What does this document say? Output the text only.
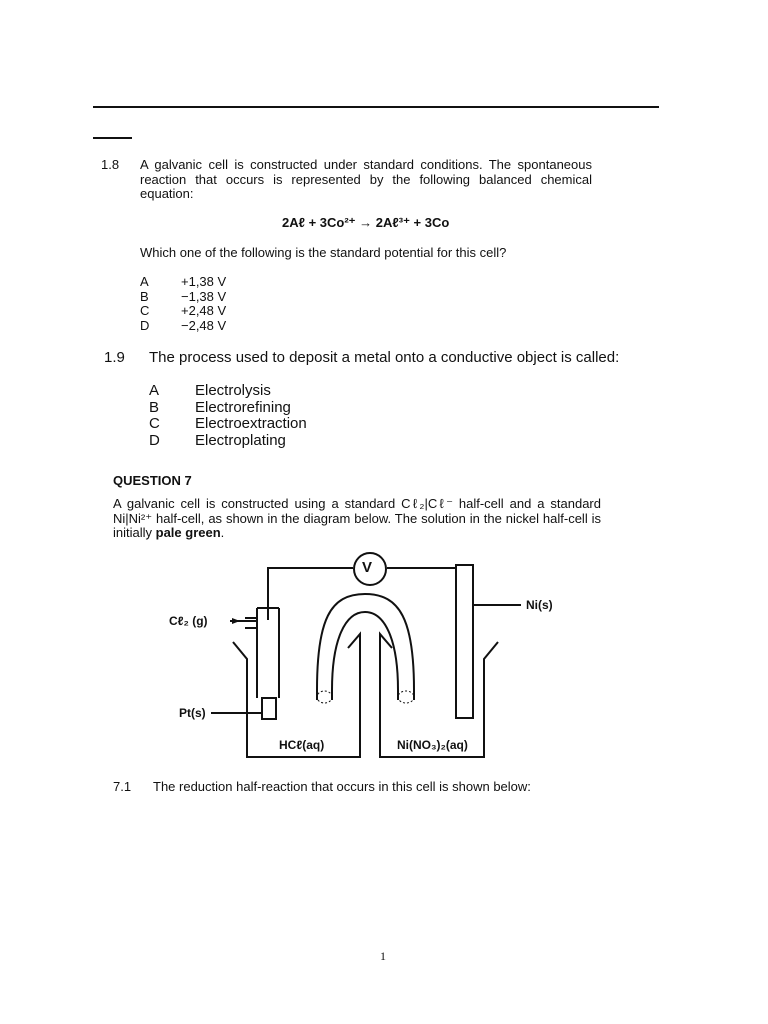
1.8 A galvanic cell is constructed under standard conditions. The spontaneous reaction that occurs is represented by the following balanced chemical equation:
2Aℓ + 3Co²⁺ → 2Aℓ³⁺ + 3Co
Which one of the following is the standard potential for this cell?
A +1,38 V
B −1,38 V
C +2,48 V
D −2,48 V
1.9 The process used to deposit a metal onto a conductive object is called:
A Electrolysis
B Electrorefining
C Electroextraction
D Electroplating
QUESTION 7
A galvanic cell is constructed using a standard Cℓ₂|Cℓ⁻ half-cell and a standard Ni|Ni²⁺ half-cell, as shown in the diagram below. The solution in the nickel half-cell is initially pale green.
V
Cℓ₂ (g)
Pt(s)
Ni(s)
HCℓ(aq)	Ni(NO₃)₂(aq)
7.1 The reduction half-reaction that occurs in this cell is shown below:
1
